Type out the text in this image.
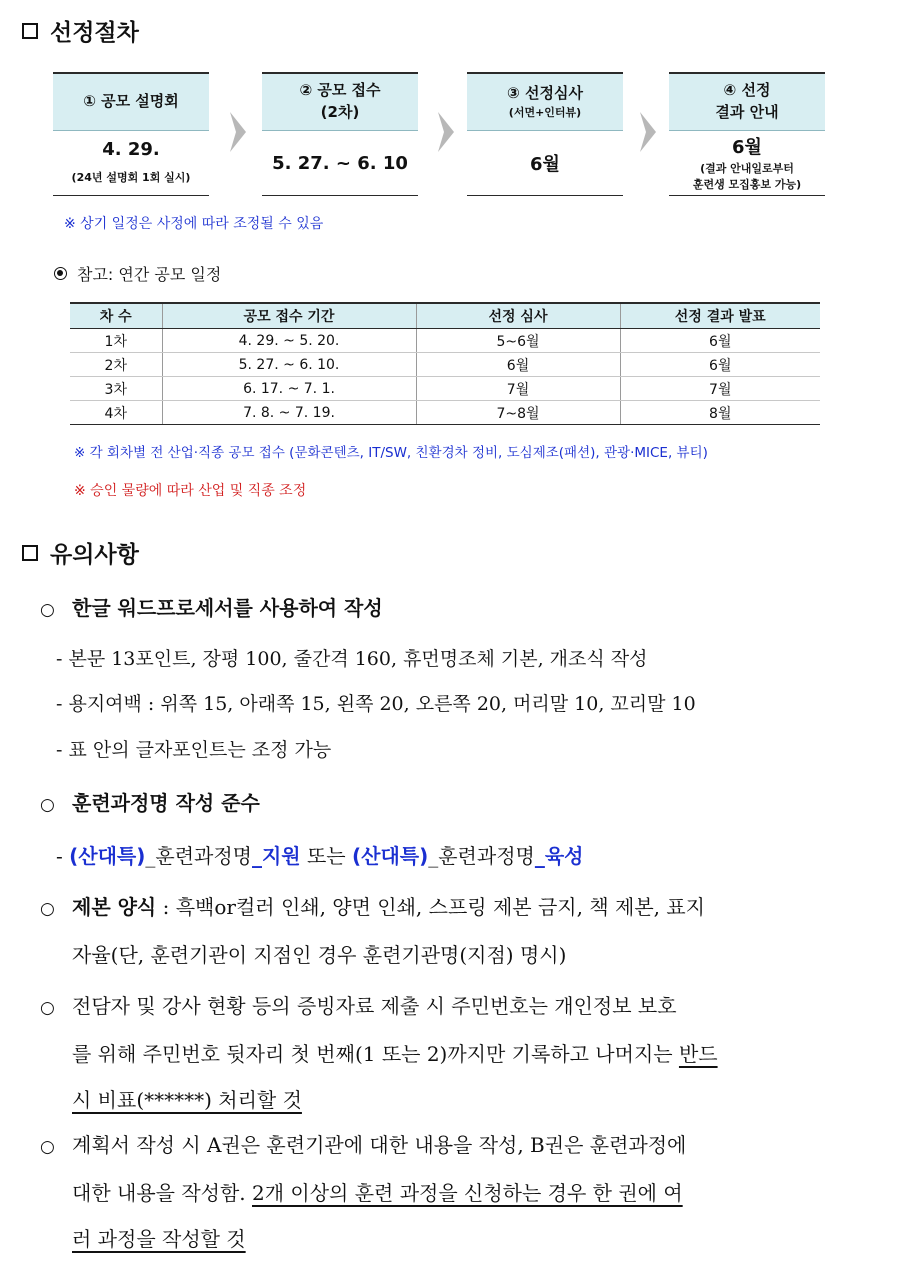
선정절차
① 공모 설명회
4. 29.
(24년 설명회 1회 실시)
② 공모 접수
(2차)
5. 27. ~ 6. 10
③ 선정심사
(서면+인터뷰)
6월
④ 선정
결과 안내
6월
(결과 안내일로부터
훈련생 모집홍보 가능)
※ 상기 일정은 사정에 따라 조정될 수 있음
참고: 연간 공모 일정
차 수	공모 접수 기간	선정 심사	선정 결과 발표
1차	4. 29. ~ 5. 20.	5~6월	6월
2차	5. 27. ~ 6. 10.	6월	6월
3차	6. 17. ~ 7. 1.	7월	7월
4차	7. 8. ~ 7. 19.	7~8월	8월
※ 각 회차별 전 산업·직종 공모 접수 (문화콘텐츠, IT/SW, 친환경차 정비, 도심제조(패션), 관광·MICE, 뷰티)
※ 승인 물량에 따라 산업 및 직종 조정
유의사항
○ 한글 워드프로세서를 사용하여 작성
- 본문 13포인트, 장평 100, 줄간격 160, 휴먼명조체 기본, 개조식 작성
- 용지여백 : 위쪽 15, 아래쪽 15, 왼쪽 20, 오른쪽 20, 머리말 10, 꼬리말 10
- 표 안의 글자포인트는 조정 가능
○ 훈련과정명 작성 준수
- (산대특)_훈련과정명_지원 또는 (산대특)_훈련과정명_육성
○ 제본 양식 : 흑백or컬러 인쇄, 양면 인쇄, 스프링 제본 금지, 책 제본, 표지
자율(단, 훈련기관이 지점인 경우 훈련기관명(지점) 명시)
○ 전담자 및 강사 현황 등의 증빙자료 제출 시 주민번호는 개인정보 보호
를 위해 주민번호 뒷자리 첫 번째(1 또는 2)까지만 기록하고 나머지는 반드
시 비표(******) 처리할 것
○ 계획서 작성 시 A권은 훈련기관에 대한 내용을 작성, B권은 훈련과정에
대한 내용을 작성함. 2개 이상의 훈련 과정을 신청하는 경우 한 권에 여
러 과정을 작성할 것
